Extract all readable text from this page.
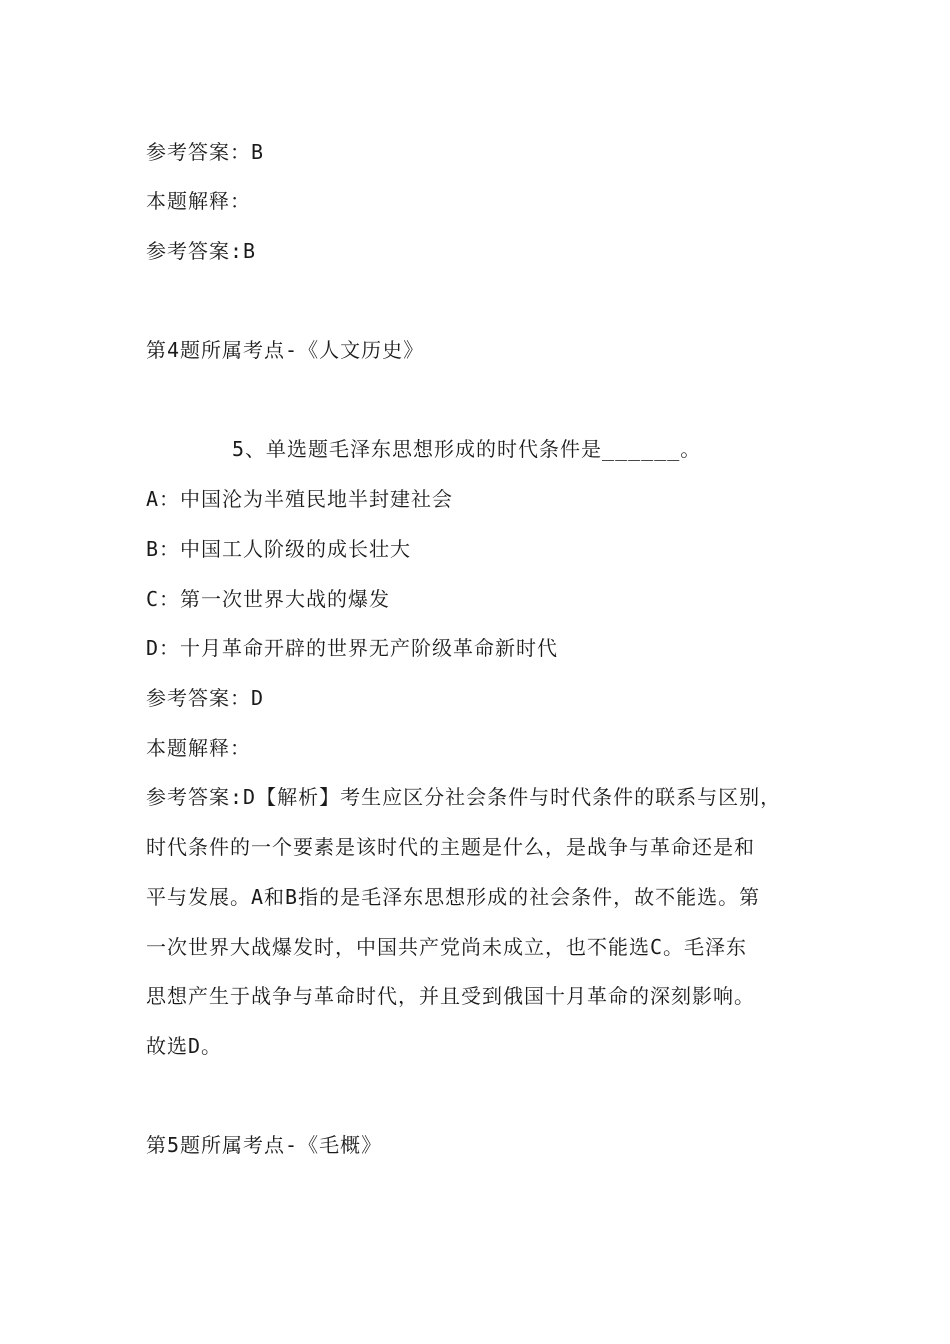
参考答案：B
本题解释：
参考答案:B
第4题所属考点-《人文历史》
5、单选题毛泽东思想形成的时代条件是______。
A：中国沦为半殖民地半封建社会
B：中国工人阶级的成长壮大
C：第一次世界大战的爆发
D：十月革命开辟的世界无产阶级革命新时代
参考答案：D
本题解释：
参考答案:D【解析】考生应区分社会条件与时代条件的联系与区别，
时代条件的一个要素是该时代的主题是什么，是战争与革命还是和
平与发展。A和B指的是毛泽东思想形成的社会条件，故不能选。第
一次世界大战爆发时，中国共产党尚未成立，也不能选C。毛泽东
思想产生于战争与革命时代，并且受到俄国十月革命的深刻影响。
故选D。
第5题所属考点-《毛概》
